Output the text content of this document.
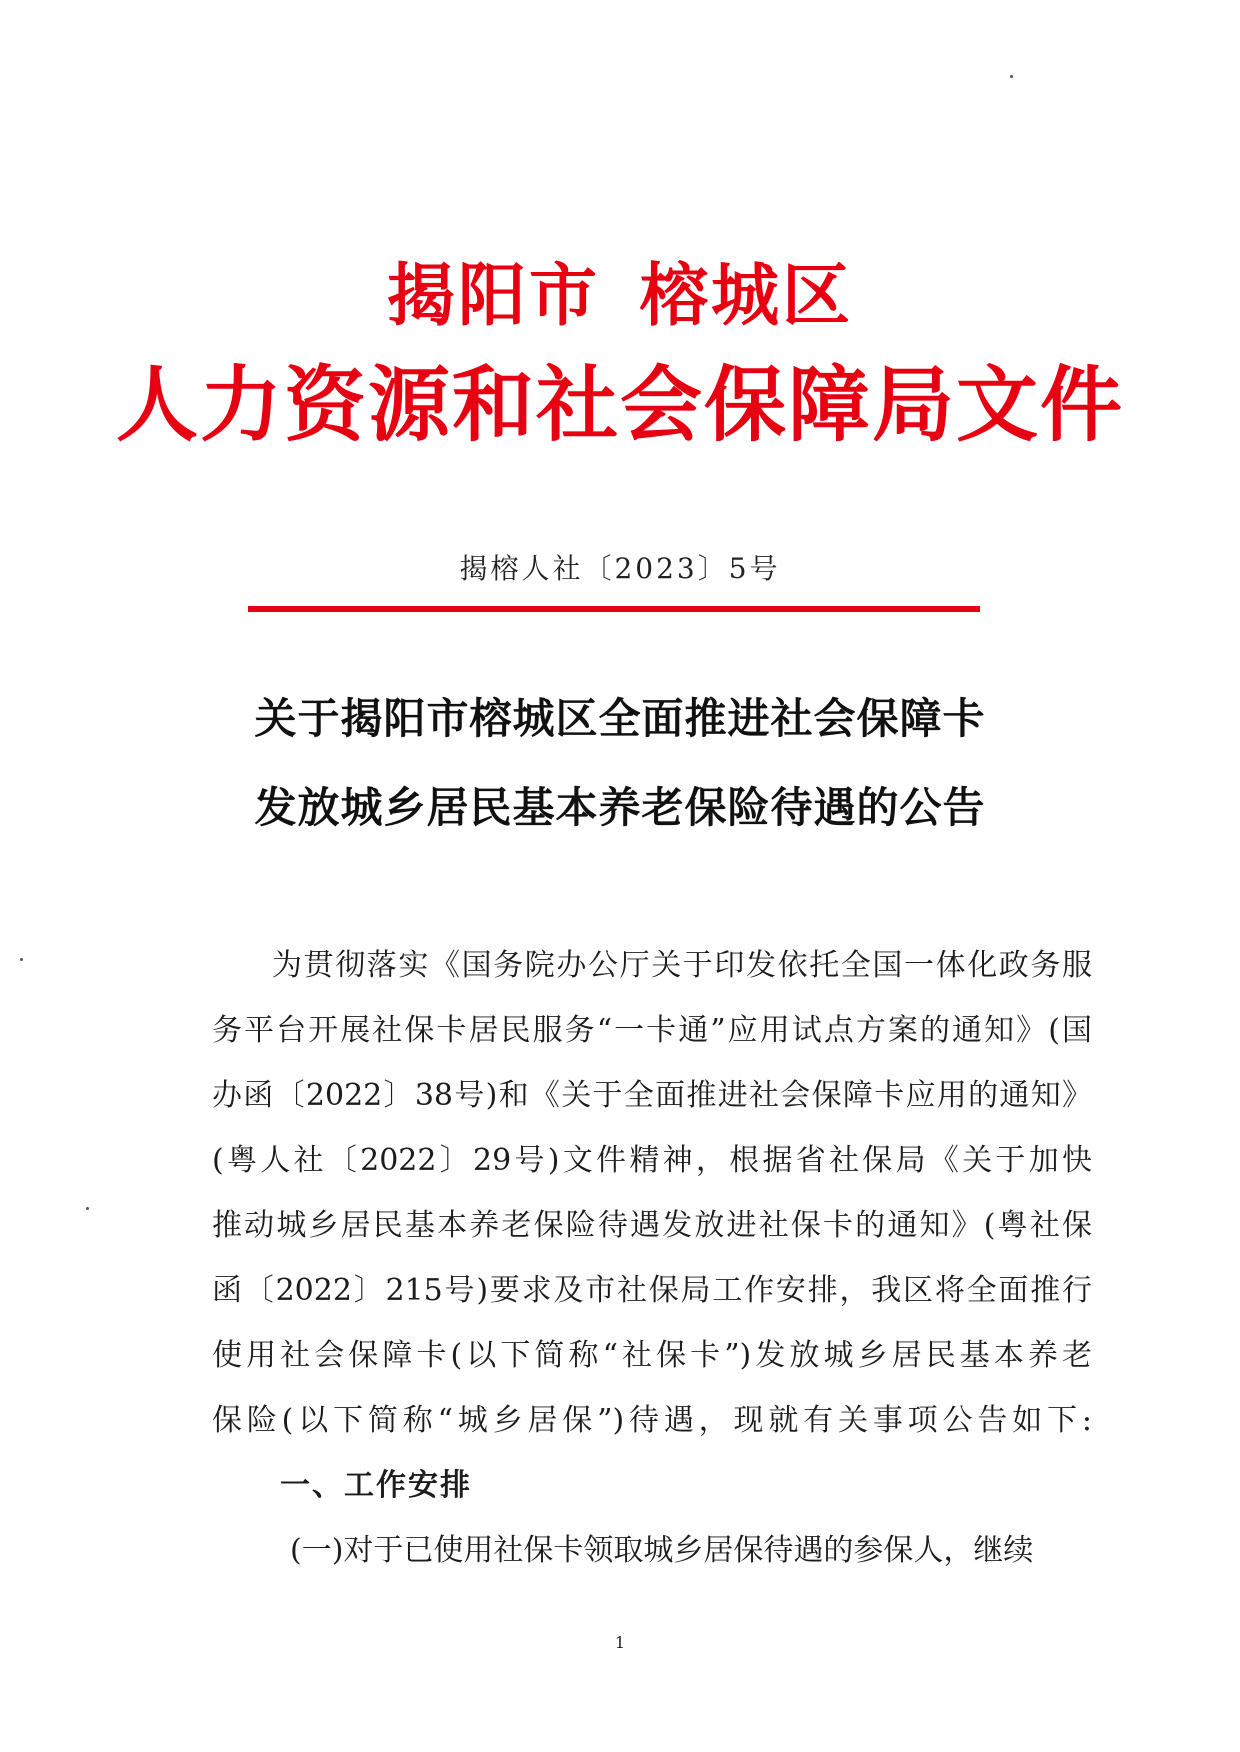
揭阳市 榕城区
人力资源和社会保障局文件
揭榕人社〔2023〕5号
关于揭阳市榕城区全面推进社会保障卡
发放城乡居民基本养老保险待遇的公告
为贯彻落实《国务院办公厅关于印发依托全国一体化政务服
务平台开展社保卡居民服务“一卡通”应用试点方案的通知》(国
办函〔2022〕38号)和《关于全面推进社会保障卡应用的通知》
(粤人社〔2022〕29号)文件精神，根据省社保局《关于加快
推动城乡居民基本养老保险待遇发放进社保卡的通知》(粤社保
函〔2022〕215号)要求及市社保局工作安排，我区将全面推行
使用社会保障卡(以下简称“社保卡”)发放城乡居民基本养老
保险(以下简称“城乡居保”)待遇，现就有关事项公告如下:
一、工作安排
(一)对于已使用社保卡领取城乡居保待遇的参保人，继续
1
